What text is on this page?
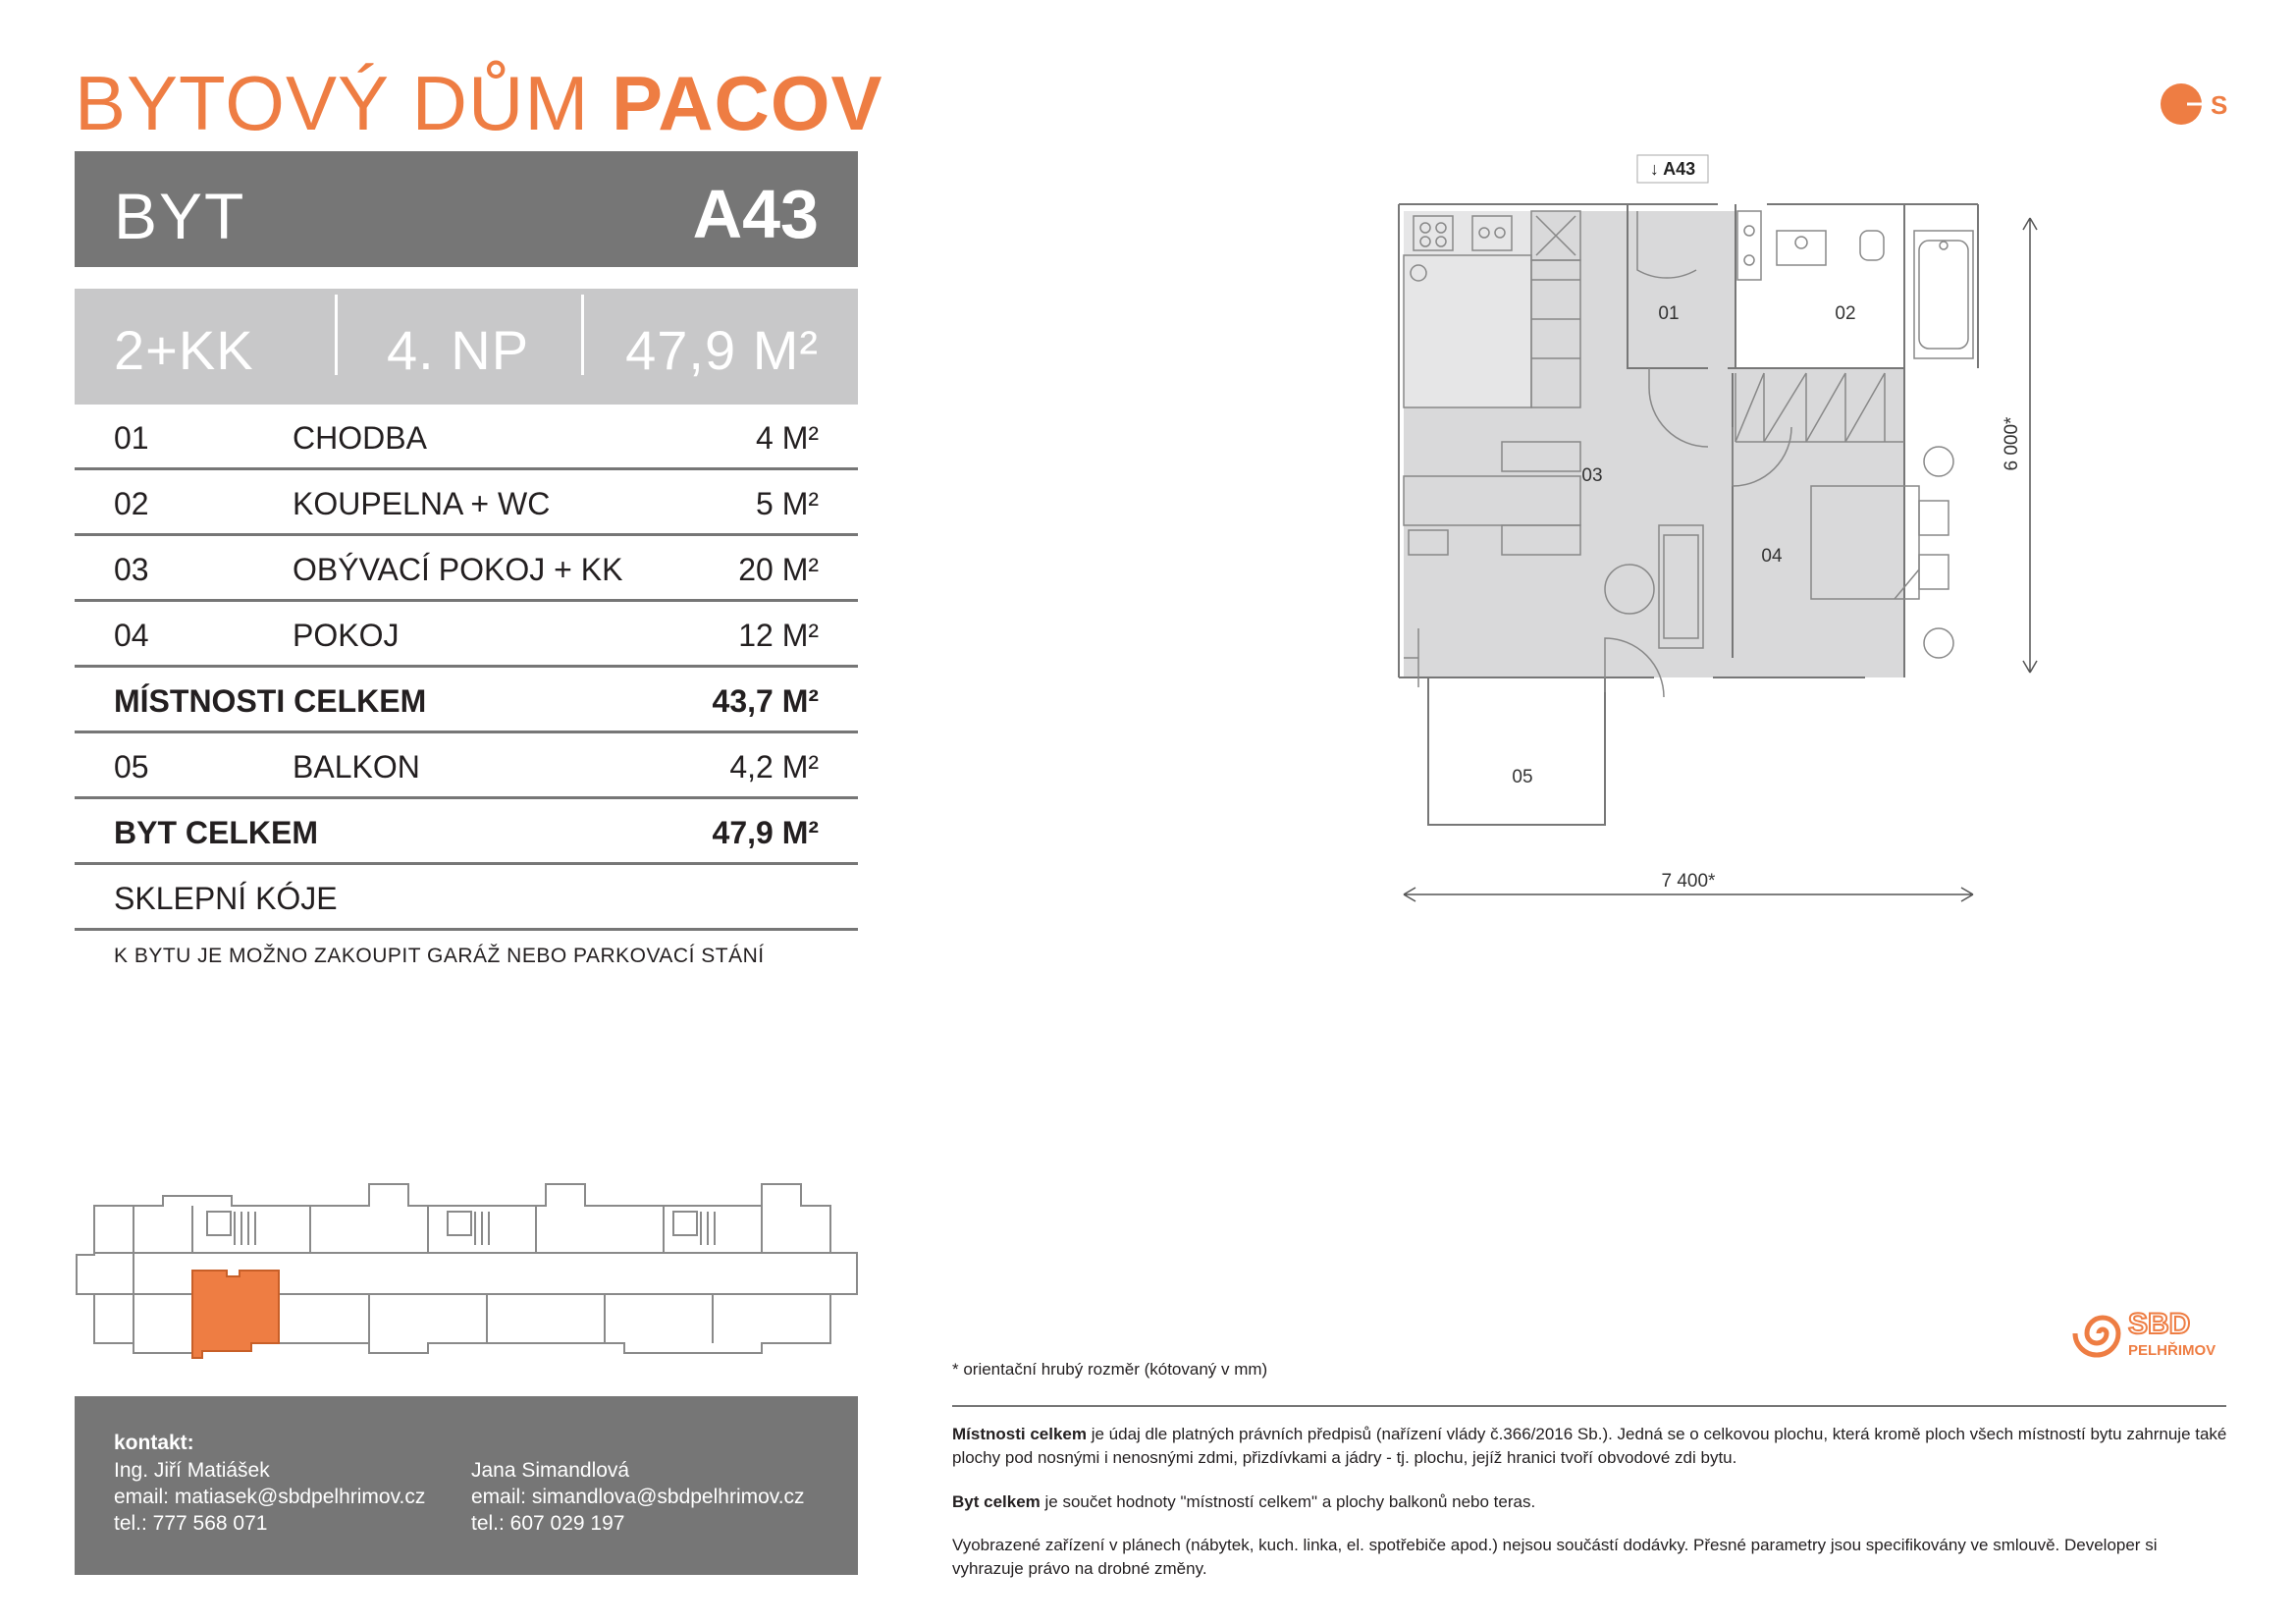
BYTOVÝ DŮM PACOV
BYT	A43
2+KK 4. NP 47,9 M²
01	CHODBA	4 M²
02	KOUPELNA + WC	5 M²
03	OBÝVACÍ POKOJ + KK	20 M²
04	POKOJ	12 M²
MÍSTNOSTI CELKEM	43,7 M²
05	BALKON	4,2 M²
BYT CELKEM	47,9 M²
SKLEPNÍ KÓJE
K BYTU JE MOŽNO ZAKOUPIT GARÁŽ NEBO PARKOVACÍ STÁNÍ
kontakt:
Ing. Jiří Matiášek
email: matiasek@sbdpelhrimov.cz
tel.: 777 568 071
Jana Simandlová
email: simandlova@sbdpelhrimov.cz
tel.: 607 029 197
S
01	02
03
04
05
↓ A43
7 400*
6 000*
SBD
PELHŘIMOV
* orientační hrubý rozměr (kótovaný v mm)
Místnosti celkem je údaj dle platných právních předpisů (nařízení vlády č.366/2016 Sb.). Jedná se o celkovou plochu, která kromě ploch všech místností bytu zahrnuje také plochy pod nosnými i nenosnými zdmi, přizdívkami a jádry - tj. plochu, jejíž hranici tvoří obvodové zdi bytu.
Byt celkem je součet hodnoty "místností celkem" a plochy balkonů nebo teras.
Vyobrazené zařízení v plánech (nábytek, kuch. linka, el. spotřebiče apod.) nejsou součástí dodávky. Přesné parametry jsou specifikovány ve smlouvě. Developer si vyhrazuje právo na drobné změny.
